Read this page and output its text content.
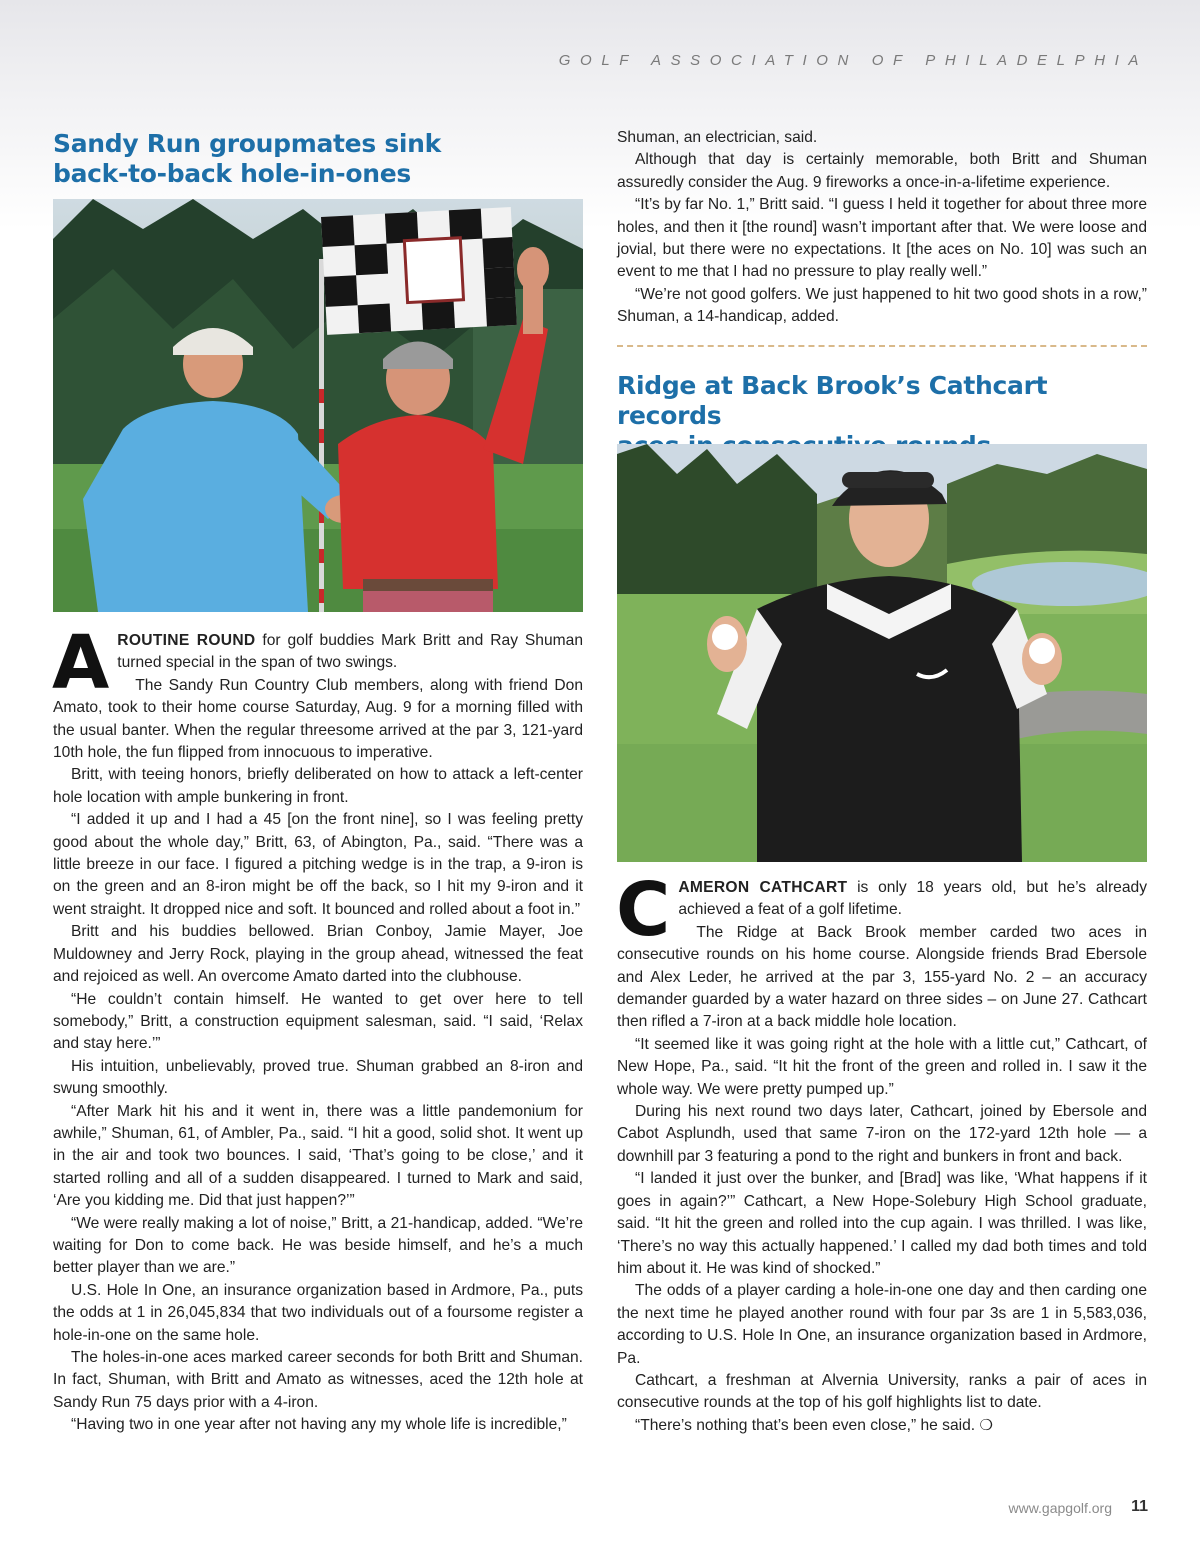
GOLF ASSOCIATION OF PHILADELPHIA
Sandy Run groupmates sink
back-to-back hole-in-ones

AROUTINE ROUND for golf buddies Mark Britt and Ray Shuman turned special in the span of two swings.

The Sandy Run Country Club members, along with friend Don Amato, took to their home course Saturday, Aug. 9 for a morning filled with the usual banter. When the regular threesome arrived at the par 3, 121-yard 10th hole, the fun flipped from innocuous to imperative.

Britt, with teeing honors, briefly deliberated on how to attack a left-center hole location with ample bunkering in front.

“I added it up and I had a 45 [on the front nine], so I was feeling pretty good about the whole day,” Britt, 63, of Abington, Pa., said. “There was a little breeze in our face. I figured a pitching wedge is in the trap, a 9-iron is on the green and an 8-iron might be off the back, so I hit my 9-iron and it went straight. It dropped nice and soft. It bounced and rolled about a foot in.”

Britt and his buddies bellowed. Brian Conboy, Jamie Mayer, Joe Muldowney and Jerry Rock, playing in the group ahead, witnessed the feat and rejoiced as well. An overcome Amato darted into the clubhouse.

“He couldn’t contain himself. He wanted to get over here to tell somebody,” Britt, a construction equipment salesman, said. “I said, ‘Relax and stay here.’”

His intuition, unbelievably, proved true. Shuman grabbed an 8-iron and swung smoothly.

“After Mark hit his and it went in, there was a little pandemonium for awhile,” Shuman, 61, of Ambler, Pa., said. “I hit a good, solid shot. It went up in the air and took two bounces. I said, ‘That’s going to be close,’ and it started rolling and all of a sudden disappeared. I turned to Mark and said, ‘Are you kidding me. Did that just happen?’”

“We were really making a lot of noise,” Britt, a 21-handicap, added. “We’re waiting for Don to come back. He was beside himself, and he’s a much better player than we are.”

U.S. Hole In One, an insurance organization based in Ardmore, Pa., puts the odds at 1 in 26,045,834 that two individuals out of a foursome register a hole-in-one on the same hole.

The holes-in-one aces marked career seconds for both Britt and Shuman. In fact, Shuman, with Britt and Amato as witnesses, aced the 12th hole at Sandy Run 75 days prior with a 4-iron.

“Having two in one year after not having any my whole life is incredible,”

Shuman, an electrician, said.

Although that day is certainly memorable, both Britt and Shuman assuredly consider the Aug. 9 fireworks a once-in-a-lifetime experience.

“It’s by far No. 1,” Britt said. “I guess I held it together for about three more holes, and then it [the round] wasn’t important after that. We were loose and jovial, but there were no expectations. It [the aces on No. 10] was such an event to me that I had no pressure to play really well.”

“We’re not good golfers. We just happened to hit two good shots in a row,” Shuman, a 14-handicap, added.

Ridge at Back Brook’s Cathcart records

CAMERON CATHCART is only 18 years old, but he’s already achieved a feat of a golf lifetime.

The Ridge at Back Brook member carded two aces in consecutive rounds on his home course. Alongside friends Brad Ebersole and Alex Leder, he arrived at the par 3, 155-yard No. 2 – an accuracy demander guarded by a water hazard on three sides – on June 27. Cathcart then rifled a 7-iron at a back middle hole location.

“It seemed like it was going right at the hole with a little cut,” Cathcart, of New Hope, Pa., said. “It hit the front of the green and rolled in. I saw it the whole way. We were pretty pumped up.”

During his next round two days later, Cathcart, joined by Ebersole and Cabot Asplundh, used that same 7-iron on the 172-yard 12th hole — a downhill par 3 featuring a pond to the right and bunkers in front and back.

“I landed it just over the bunker, and [Brad] was like, ‘What happens if it goes in again?’” Cathcart, a New Hope-Solebury High School graduate, said. “It hit the green and rolled into the cup again. I was thrilled. I was like, ‘There’s no way this actually happened.’ I called my dad both times and told him about it. He was kind of shocked.”

The odds of a player carding a hole-in-one one day and then carding one the next time he played another round with four par 3s are 1 in 5,583,036, according to U.S. Hole In One, an insurance organization based in Ardmore, Pa.

Cathcart, a freshman at Alvernia University, ranks a pair of aces in consecutive rounds at the top of his golf highlights list to date.

“There’s nothing that’s been even close,” he said. ❍

www.gapgolf.org 11
